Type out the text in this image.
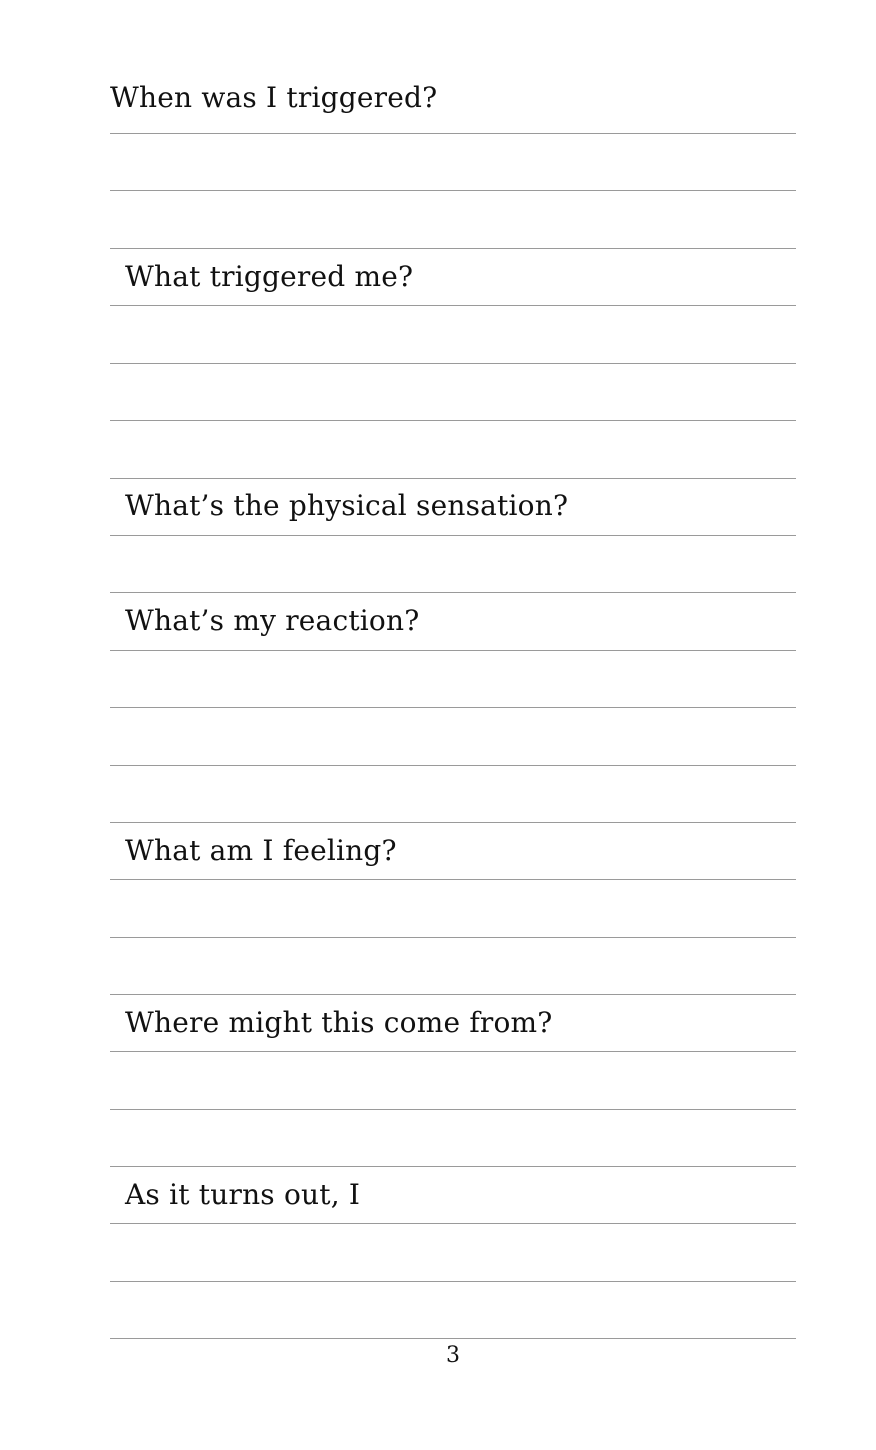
When was I triggered?
What triggered me?
What’s the physical sensation?
What’s my reaction?
What am I feeling?
Where might this come from?
As it turns out, I
3
